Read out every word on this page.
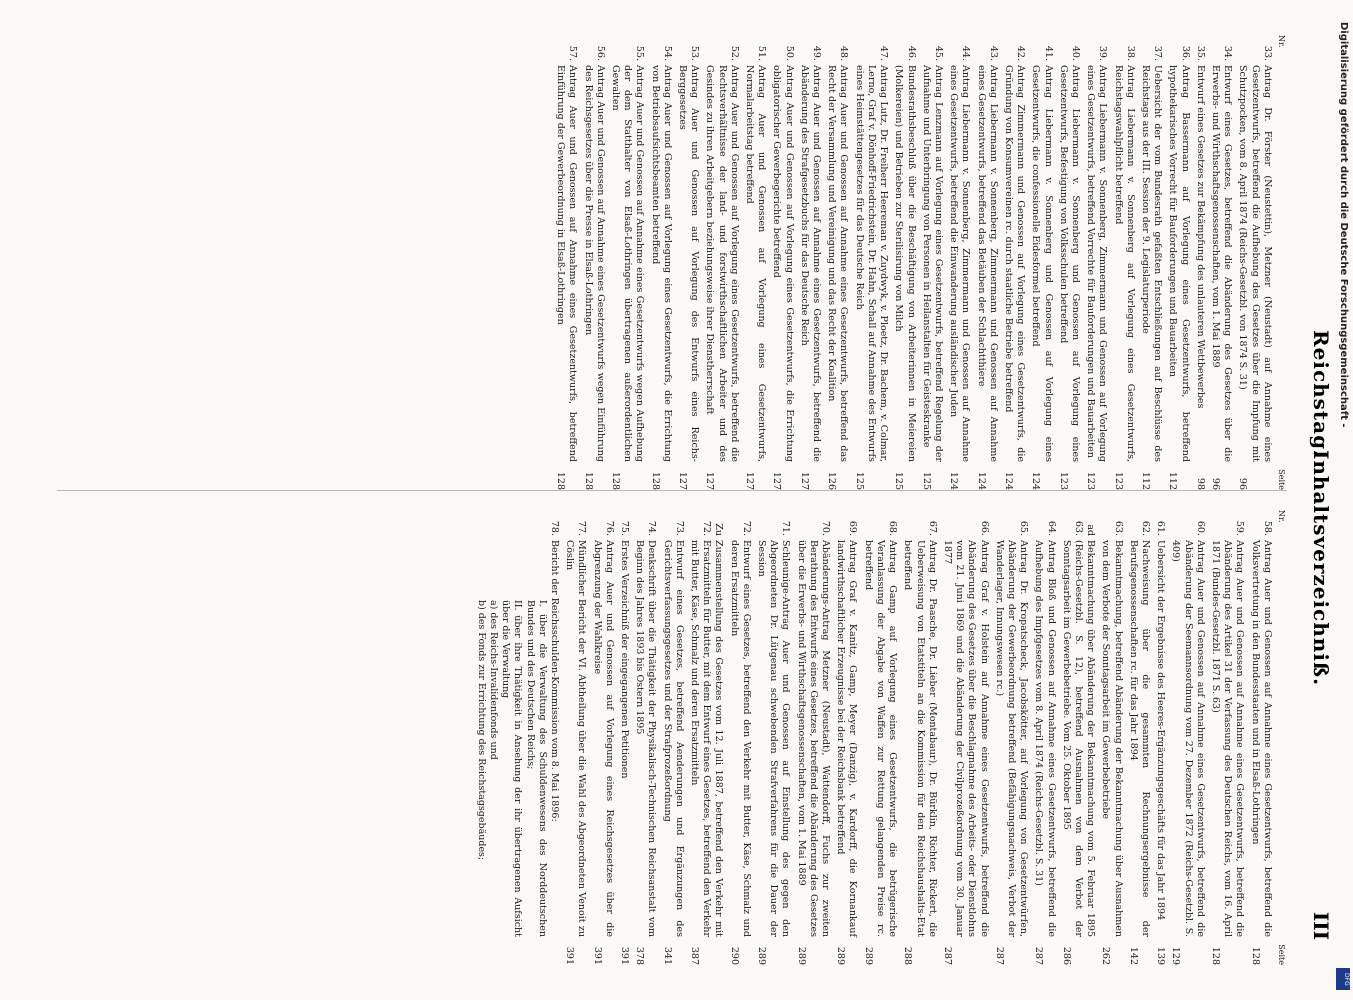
Reichstag.
Inhaltsverzeichniß.
III
Nr.
Seite
33.
Antrag Dr. Förster (Neustettin), Metzner (Neustadt) auf Annahme eines Gesetzentwurfs, betreffend die Aufhebung des Gesetzes über die Impfung mit Schutzpocken, vom 8. April 1874 (Reichs-Gesetzbl. von 1874 S. 31)
96
34.
Entwurf eines Gesetzes, betreffend die Abänderung des Gesetzes über die Erwerbs- und Wirthschaftsgenossenschaften, vom 1. Mai 1889
96
35.
Entwurf eines Gesetzes zur Bekämpfung des unlauteren Wettbewerbes
98
36.
Antrag Bassermann auf Vorlegung eines Gesetzentwurfs, betreffend hypothekarisches Vorrecht für Bauforderungen und Bauarbeiten
112
37.
Uebersicht der vom Bundesrath gefaßten Entschließungen auf Beschlüsse des Reichstags aus der III. Session der 9. Legislaturperiode
112
38.
Antrag Liebermann v. Sonnenberg auf Vorlegung eines Gesetzentwurfs, Reichstagswahlpflicht betreffend
123
39.
Antrag Liebermann v. Sonnenberg, Zimmermann und Genossen auf Vorlegung eines Gesetzentwurfs, betreffend Vorrechte für Bauforderungen und Bauarbeiten
123
40.
Antrag Liebermann v. Sonnenberg und Genossen auf Vorlegung eines Gesetzentwurfs, Befestigung von Volksschulen betreffend
123
41.
Antrag Liebermann v. Sonnenberg und Genossen auf Vorlegung eines Gesetzentwurfs, die confessionelle Eidesformel betreffend
124
42.
Antrag Zimmermann und Genossen auf Vorlegung eines Gesetzentwurfs, die Gründung von Konsumvereinen rc. durch staatliche Betriebe betreffend
124
43.
Antrag Liebermann v. Sonnenberg, Zimmermann und Genossen auf Annahme eines Gesetzentwurfs, betreffend das Betäuben der Schlachtthiere
124
44.
Antrag Liebermann v. Sonnenberg, Zimmermann und Genossen auf Annahme eines Gesetzentwurfs, betreffend die Einwanderung ausländischer Juden
124
45.
Antrag Lenzmann auf Vorlegung eines Gesetzentwurfs, betreffend Regelung der Aufnahme und Unterbringung von Personen in Heilanstalten für Geisteskranke
125
46.
Bundesrathsbeschluß über die Beschäftigung von Arbeiterinnen in Meiereien (Molkereien) und Betrieben zur Sterilisirung von Milch
125
47.
Antrag Lutz, Dr. Freiherr Heereman v. Zuydwyk, v. Ploetz, Dr. Bachem, v. Colmar, Lerno, Graf v. Dönhoff-Friedrichstein, Dr. Hahn, Schall auf Annahme des Entwurfs eines Heimstättengesetzes für das Deutsche Reich
125
48.
Antrag Auer und Genossen auf Annahme eines Gesetzentwurfs, betreffend das Recht der Versammlung und Vereinigung und das Recht der Koalition
126
49.
Antrag Auer und Genossen auf Annahme eines Gesetzentwurfs, betreffend die Abänderung des Strafgesetzbuchs für das Deutsche Reich
127
50.
Antrag Auer und Genossen auf Vorlegung eines Gesetzentwurfs, die Errichtung obligatorischer Gewerbegerichte betreffend
127
51.
Antrag Auer und Genossen auf Vorlegung eines Gesetzentwurfs, Normalarbeitstag betreffend
127
52.
Antrag Auer und Genossen auf Vorlegung eines Gesetzentwurfs, betreffend die Rechtsverhältnisse der land- und forstwirthschaftlichen Arbeiter und des Gesindes zu ihren Arbeitgebern beziehungsweise ihrer Dienstherrschaft
127
53.
Antrag Auer und Genossen auf Vorlegung des Entwurfs eines Reichs-Berggesetzes
127
54.
Antrag Auer und Genossen auf Vorlegung eines Gesetzentwurfs, die Errichtung von Betriebsaufsichtsbeamten betreffend
128
55.
Antrag Auer und Genossen auf Annahme eines Gesetzentwurfs wegen Aufhebung der dem Statthalter von Elsaß-Lothringen übertragenen außerordentlichen Gewalten
128
56.
Antrag Auer und Genossen auf Annahme eines Gesetzentwurfs wegen Einführung des Reichsgesetzes über die Presse in Elsaß-Lothringen
128
57.
Antrag Auer und Genossen auf Annahme eines Gesetzentwurfs, betreffend Einführung der Gewerbeordnung in Elsaß-Lothringen
128
Nr.
Seite
58.
Antrag Auer und Genossen auf Annahme eines Gesetzentwurfs, betreffend die Volksvertretung in den Bundesstaaten und in Elsaß-Lothringen
128
59.
Antrag Auer und Genossen auf Annahme eines Gesetzentwurfs, betreffend die Abänderung des Artikel 31 der Verfassung des Deutschen Reichs, vom 16. April 1871 (Bundes-Gesetzbl. 1871 S. 63)
128
60.
Antrag Auer und Genossen auf Annahme eines Gesetzentwurfs, betreffend die Abänderung der Seemannsordnung vom 27. Dezember 1872 (Reichs-Gesetzbl. S. 409)
129
61.
Uebersicht der Ergebnisse des Heeres-Ergänzungsgeschäfts für das Jahr 1894
139
62.
Nachweisung über die gesammten Rechnungsergebnisse der Berufsgenossenschaften rc. für das Jahr 1894
142
63.
Bekanntmachung, betreffend Abänderung der Bekanntmachung über Ausnahmen von dem Verbote der Sonntagsarbeit im Gewerbebetriebe
262
ad 63.
Bekanntmachung über Abänderung der Bekanntmachung vom 5. Februar 1895 (Reichs-Gesetzbl. S. 12), betreffend Ausnahmen von dem Verbot der Sonntagsarbeit im Gewerbebetriebe. Vom 25. Oktober 1895
286
64.
Antrag Bloß und Genossen auf Annahme eines Gesetzentwurfs, betreffend die Aufhebung des Impfgesetzes vom 8. April 1874 (Reichs-Gesetzbl. S. 31)
287
65.
Antrag Dr. Kropatscheck, Jacobskötter, auf Vorlegung von Gesetzentwürfen, Abänderung der Gewerbeordnung betreffend (Befähigungsnachweis, Verbot der Wanderlager, Innungswesen rc.)
287
66.
Antrag Graf v. Holstein auf Annahme eines Gesetzentwurfs, betreffend die Abänderung des Gesetzes über die Beschlagnahme des Arbeits- oder Dienstlohns vom 21. Juni 1869 und die Abänderung der Civilprozeßordnung vom 30. Januar 1877
287
67.
Antrag Dr. Paasche, Dr. Lieber (Montabaur), Dr. Bürklin, Richter, Rickert, die Ueberweisung von Etatstiteln an die Kommission für den Reichshaushalts-Etat betreffend
288
68.
Antrag Gamp auf Vorlegung eines Gesetzentwurfs, die betrügerische Veranlassung der Abgabe von Waffen zur Rettung gelangenden Preise rc. betreffend
289
69.
Antrag Graf v. Kanitz, Gamp, Meyer (Danzig), v. Kardorff, die Kornankauf landwirthschaftlicher Erzeugnisse bei der Reichsbank betreffend
289
70.
Abänderungs-Antrag Metzner (Neustadt), Wattendorff, Fuchs zur zweiten Berathung des Entwurfs eines Gesetzes, betreffend die Abänderung des Gesetzes über die Erwerbs- und Wirthschaftsgenossenschaften, vom 1. Mai 1889
289
71.
Schleunige-Antrag Auer und Genossen auf Einstellung des gegen den Abgeordneten Dr. Lütgenau schwebenden Strafverfahrens für die Dauer der Session
289
72.
Entwurf eines Gesetzes, betreffend den Verkehr mit Butter, Käse, Schmalz und deren Ersatzmitteln
290
Zu 72.
Zusammenstellung des Gesetzes vom 12. Juli 1887, betreffend den Verkehr mit Ersatzmitteln für Butter, mit dem Entwurf eines Gesetzes, betreffend den Verkehr mit Butter, Käse, Schmalz und deren Ersatzmitteln
387
73.
Entwurf eines Gesetzes, betreffend Aenderungen und Ergänzungen des Gerichtsverfassungsgesetzes und der Strafprozeßordnung
341
74.
Denkschrift über die Thätigkeit der Physikalisch-Technischen Reichsanstalt vom Beginn des Jahres 1893 bis Ostern 1895
378
75.
Erstes Verzeichniß der eingegangenen Petitionen
391
76.
Antrag Auer und Genossen auf Vorlegung eines Reichsgesetzes über die Abgrenzung der Wahlkreise
391
77.
Mündlicher Bericht der VI. Abtheilung über die Wahl des Abgeordneten Venoit zu Cöslin
391
78.
Bericht der Reichsschulden-Kommission vom 8. Mai 1896:
I. über die Verwaltung des Schuldenwesens des Norddeutschen Bundes und des Deutschen Reichs;
II. über ihre Thätigkeit in Ansehung der ihr übertragenen Aufsicht über die Verwaltung
a) des Reichs-Invalidenfonds und
b) des Fonds zur Errichtung des Reichstagsgebäudes;
Digitalisierung gefördert durch die Deutsche Forschungsgemeinschaft -
DFG
